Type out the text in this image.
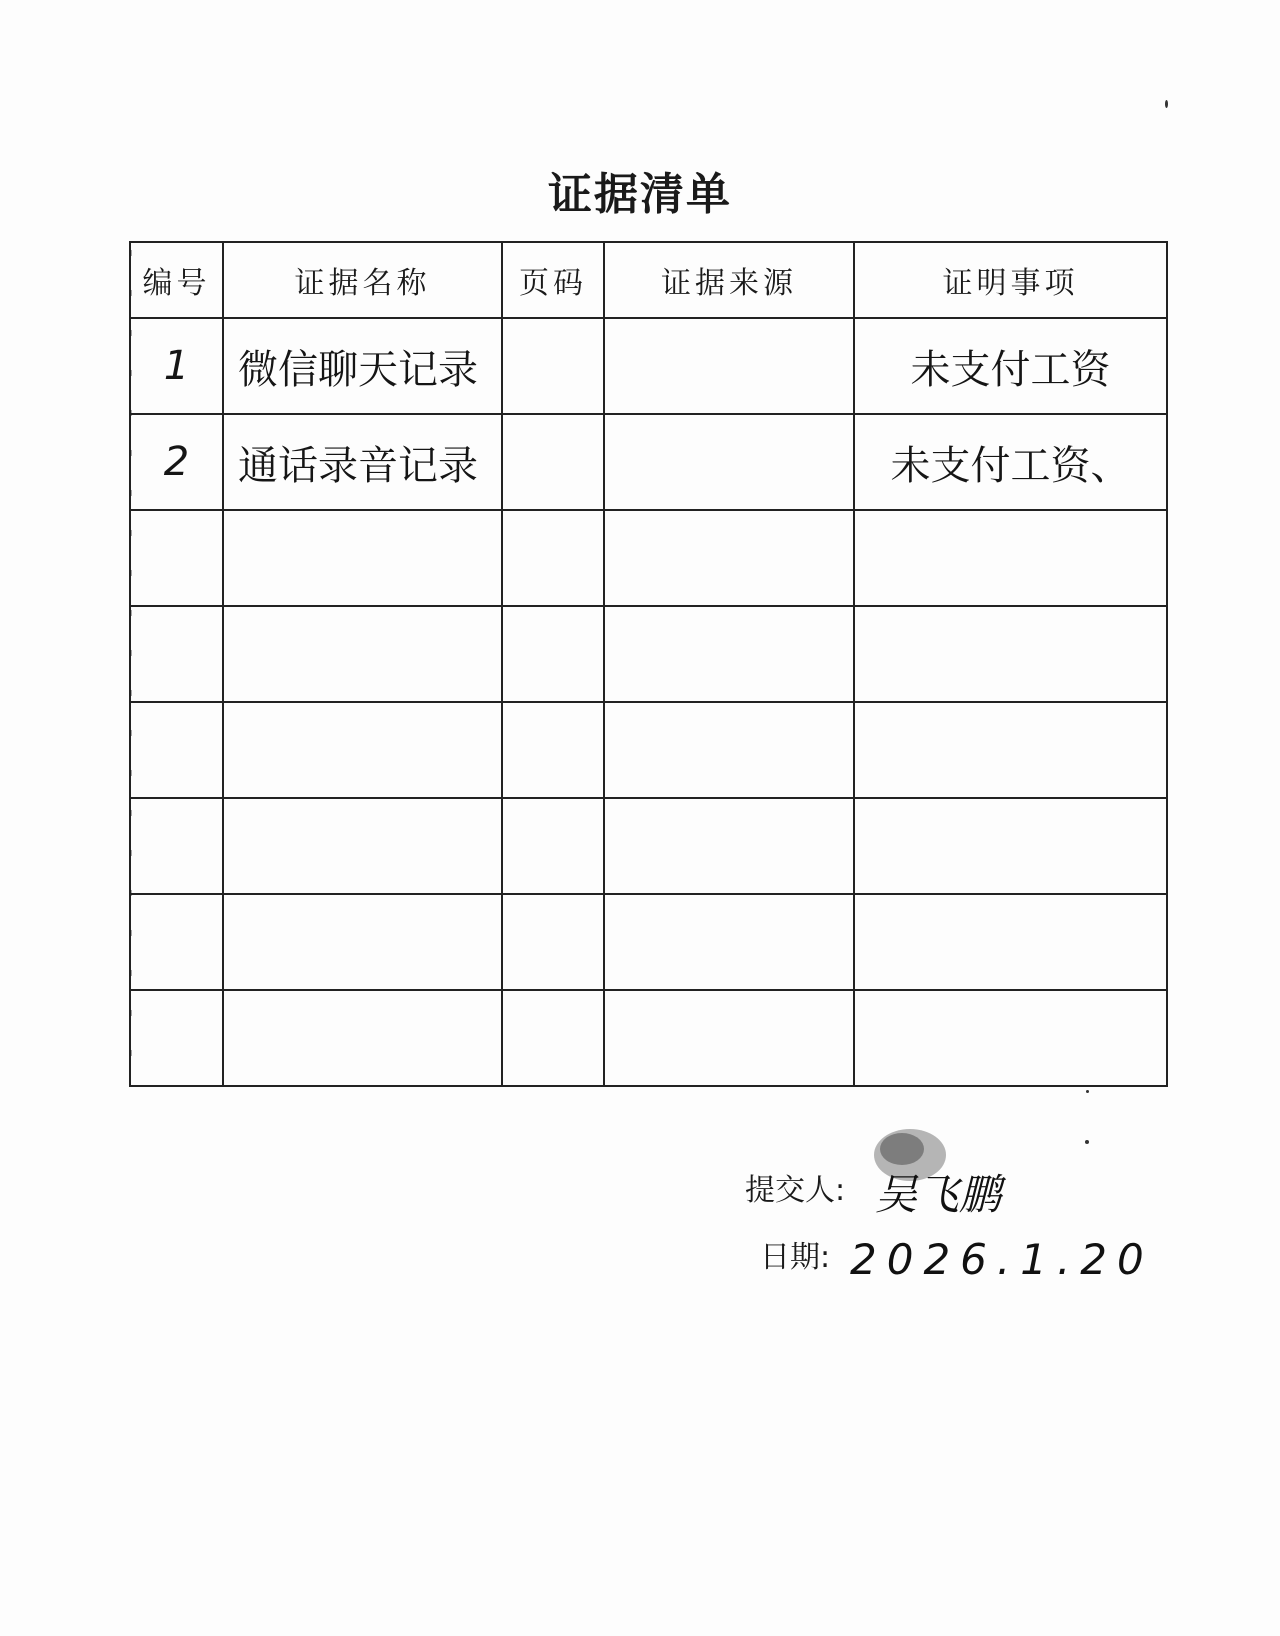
证据清单
编号	证据名称	页码	证据来源	证明事项
1	微信聊天记录			未支付工资
2	通话录音记录			未支付工资、

提交人: 吴飞鹏
日期: 2026.1.20
